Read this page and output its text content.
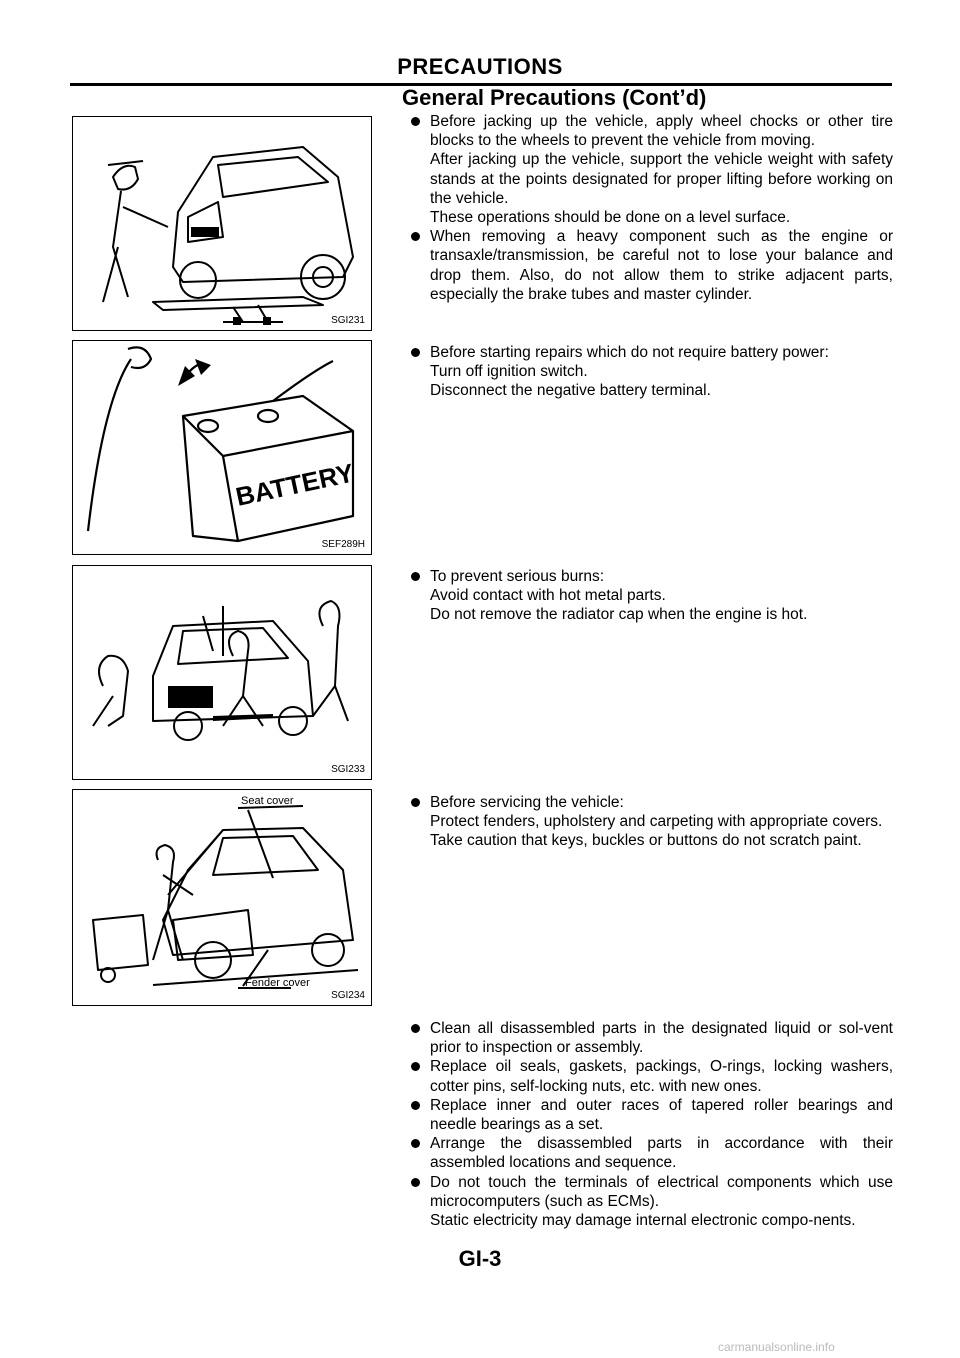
PRECAUTIONS
General Precautions (Cont’d)
SGI231
BATTERY
SEF289H
SGI233
Seat cover
Fender cover
SGI234
Before jacking up the vehicle, apply wheel chocks or other tire blocks to the wheels to prevent the vehicle from moving.
After jacking up the vehicle, support the vehicle weight with safety stands at the points designated for proper lifting before working on the vehicle.
These operations should be done on a level surface.
When removing a heavy component such as the engine or transaxle/transmission, be careful not to lose your balance and drop them. Also, do not allow them to strike adjacent parts, especially the brake tubes and master cylinder.
Before starting repairs which do not require battery power:
Turn off ignition switch.
Disconnect the negative battery terminal.
To prevent serious burns:
Avoid contact with hot metal parts.
Do not remove the radiator cap when the engine is hot.
Before servicing the vehicle:
Protect fenders, upholstery and carpeting with appropriate covers.
Take caution that keys, buckles or buttons do not scratch paint.
Clean all disassembled parts in the designated liquid or sol-vent prior to inspection or assembly.
Replace oil seals, gaskets, packings, O-rings, locking washers, cotter pins, self-locking nuts, etc. with new ones.
Replace inner and outer races of tapered roller bearings and needle bearings as a set.
Arrange the disassembled parts in accordance with their assembled locations and sequence.
Do not touch the terminals of electrical components which use microcomputers (such as ECMs).
Static electricity may damage internal electronic compo-nents.
GI-3
carmanualsonline.info
